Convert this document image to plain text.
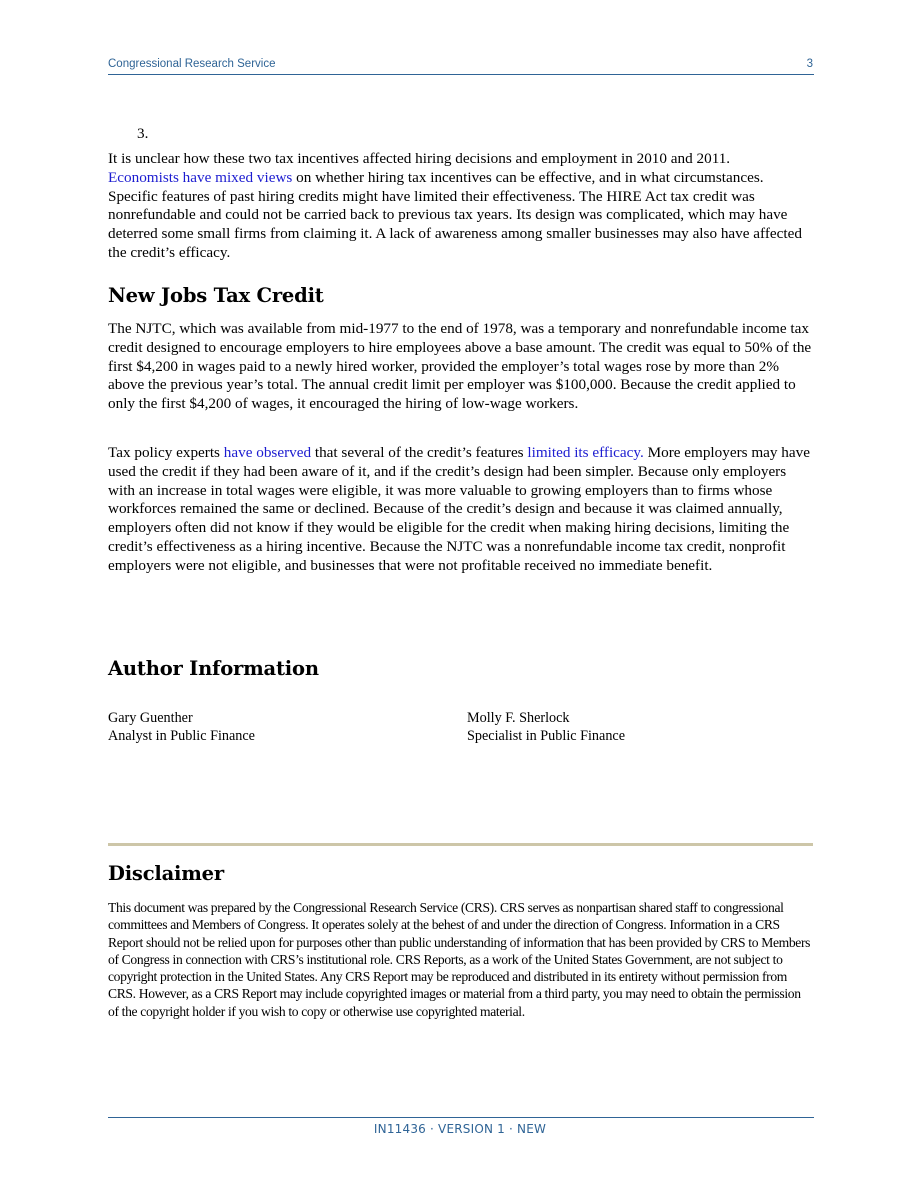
Congressional Research Service	3
3.

It is unclear how these two tax incentives affected hiring decisions and employment in 2010 and 2011.
Economists have mixed views on whether hiring tax incentives can be effective, and in what circumstances. Specific features of past hiring credits might have limited their effectiveness. The HIRE Act tax credit was nonrefundable and could not be carried back to previous tax years. Its design was complicated, which may have deterred some small firms from claiming it. A lack of awareness among smaller businesses may also have affected the credit’s efficacy.

New Jobs Tax Credit

The NJTC, which was available from mid-1977 to the end of 1978, was a temporary and nonrefundable income tax credit designed to encourage employers to hire employees above a base amount. The credit was equal to 50% of the first $4,200 in wages paid to a newly hired worker, provided the employer’s total wages rose by more than 2% above the previous year’s total. The annual credit limit per employer was $100,000. Because the credit applied to only the first $4,200 of wages, it encouraged the hiring of low-wage workers.

Tax policy experts have observed that several of the credit’s features limited its efficacy. More employers may have used the credit if they had been aware of it, and if the credit’s design had been simpler. Because only employers with an increase in total wages were eligible, it was more valuable to growing employers than to firms whose workforces remained the same or declined. Because of the credit’s design and because it was claimed annually, employers often did not know if they would be eligible for the credit when making hiring decisions, limiting the credit’s effectiveness as a hiring incentive. Because the NJTC was a nonrefundable income tax credit, nonprofit employers were not eligible, and businesses that were not profitable received no immediate benefit.

Author Information
Gary Guenther
Analyst in Public Finance
Molly F. Sherlock
Specialist in Public Finance
Disclaimer
This document was prepared by the Congressional Research Service (CRS). CRS serves as nonpartisan shared staff to congressional committees and Members of Congress. It operates solely at the behest of and under the direction of Congress. Information in a CRS Report should not be relied upon for purposes other than public understanding of information that has been provided by CRS to Members of Congress in connection with CRS’s institutional role. CRS Reports, as a work of the United States Government, are not subject to copyright protection in the United States. Any CRS Report may be reproduced and distributed in its entirety without permission from CRS. However, as a CRS Report may include copyrighted images or material from a third party, you may need to obtain the permission of the copyright holder if you wish to copy or otherwise use copyrighted material.
IN11436 · VERSION 1 · NEW
